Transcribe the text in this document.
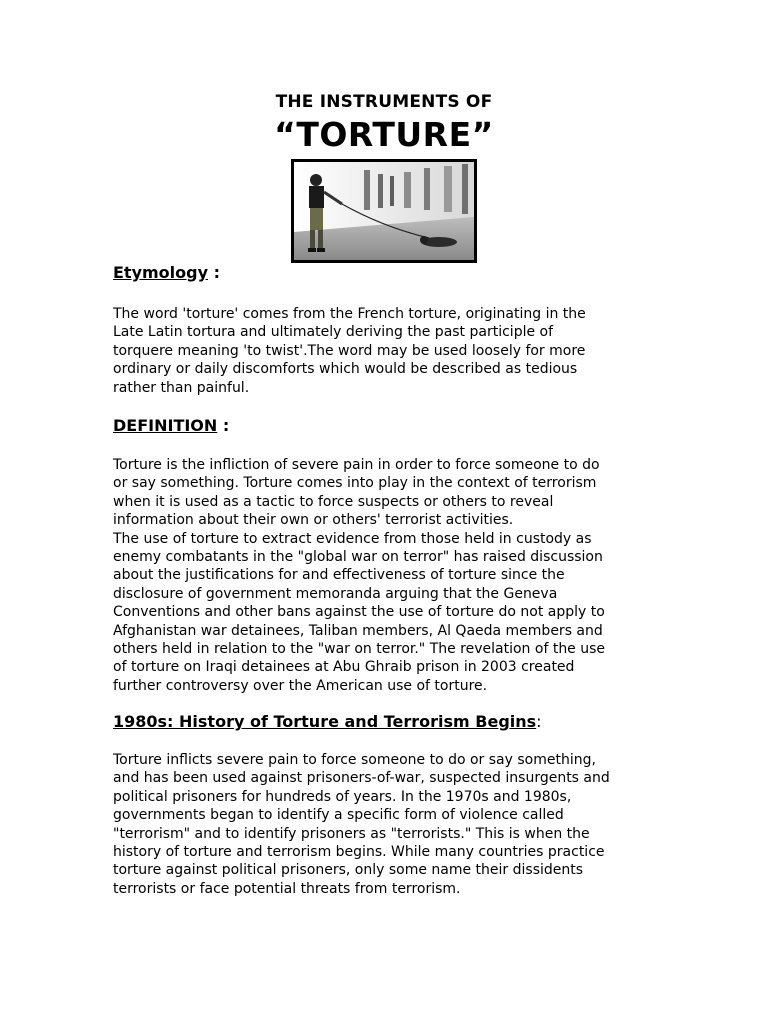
THE INSTRUMENTS OF
“TORTURE”
Etymology :
The word 'torture' comes from the French torture, originating in the
Late Latin tortura and ultimately deriving the past participle of
torquere meaning 'to twist'.The word may be used loosely for more
ordinary or daily discomforts which would be described as tedious
rather than painful.
DEFINITION :
Torture is the infliction of severe pain in order to force someone to do
or say something. Torture comes into play in the context of terrorism
when it is used as a tactic to force suspects or others to reveal
information about their own or others' terrorist activities.
The use of torture to extract evidence from those held in custody as
enemy combatants in the "global war on terror" has raised discussion
about the justifications for and effectiveness of torture since the
disclosure of government memoranda arguing that the Geneva
Conventions and other bans against the use of torture do not apply to
Afghanistan war detainees, Taliban members, Al Qaeda members and
others held in relation to the "war on terror." The revelation of the use
of torture on Iraqi detainees at Abu Ghraib prison in 2003 created
further controversy over the American use of torture.
1980s: History of Torture and Terrorism Begins:
Torture inflicts severe pain to force someone to do or say something,
and has been used against prisoners-of-war, suspected insurgents and
political prisoners for hundreds of years. In the 1970s and 1980s,
governments began to identify a specific form of violence called
"terrorism" and to identify prisoners as "terrorists." This is when the
history of torture and terrorism begins. While many countries practice
torture against political prisoners, only some name their dissidents
terrorists or face potential threats from terrorism.
